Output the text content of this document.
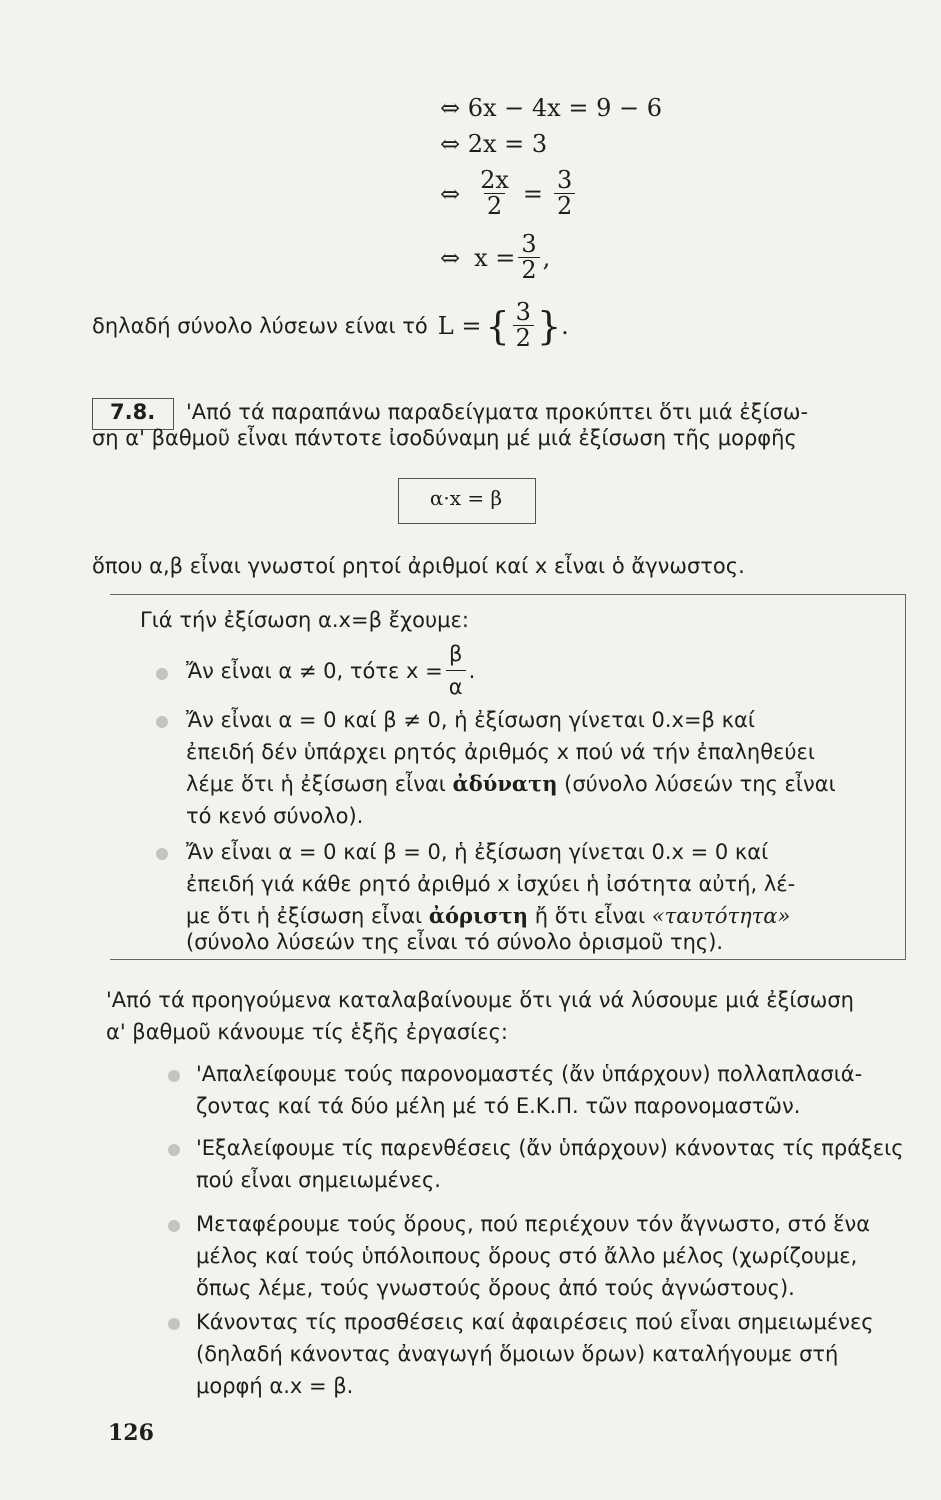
⇔ 6x − 4x = 9 − 6
⇔ 2x = 3
⇔ $\frac{2x}{2} = \frac{3}{2}$
⇔ $x = \frac{3}{2}$ ,
δηλαδή σύνολο λύσεων είναι τό L = { $\frac{3}{2}$ } .
7.8. 'Από τά παραπάνω παραδείγματα προκύπτει ὅτι μιά ἐξίσω-
ση α' βαθμοῦ εἶναι πάντοτε ἰσοδύναμη μέ μιά ἐξίσωση τῆς μορφῆς
α·x = β
ὅπου α,β εἶναι γνωστοί ρητοί ἀριθμοί καί x εἶναι ὁ ἄγνωστος.
Γιά τήν ἐξίσωση α.x=β ἔχουμε:
Ἄν εἶναι α ≠ 0, τότε $x = \frac{\beta}{\alpha}$ .
Ἄν εἶναι α = 0 καί β ≠ 0, ἡ ἐξίσωση γίνεται 0.x=β καί
ἐπειδή δέν ὑπάρχει ρητός ἀριθμός x πού νά τήν ἐπαληθεύει
λέμε ὅτι ἡ ἐξίσωση εἶναι ἀδύνατη (σύνολο λύσεών της εἶναι
τό κενό σύνολο).
Ἄν εἶναι α = 0 καί β = 0, ἡ ἐξίσωση γίνεται 0.x = 0 καί
ἐπειδή γιά κάθε ρητό ἀριθμό x ἰσχύει ἡ ἰσότητα αὐτή, λέ-
με ὅτι ἡ ἐξίσωση εἶναι ἀόριστη ἤ ὅτι εἶναι «ταυτότητα»
(σύνολο λύσεών της εἶναι τό σύνολο ὁρισμοῦ της).
'Από τά προηγούμενα καταλαβαίνουμε ὅτι γιά νά λύσουμε μιά ἐξίσωση
α' βαθμοῦ κάνουμε τίς ἑξῆς ἐργασίες:
'Απαλείφουμε τούς παρονομαστές (ἄν ὑπάρχουν) πολλαπλασιά-
ζοντας καί τά δύο μέλη μέ τό Ε.Κ.Π. τῶν παρονομαστῶν.
'Εξαλείφουμε τίς παρενθέσεις (ἄν ὑπάρχουν) κάνοντας τίς πράξεις
πού εἶναι σημειωμένες.
Μεταφέρουμε τούς ὅρους, πού περιέχουν τόν ἄγνωστο, στό ἕνα
μέλος καί τούς ὑπόλοιπους ὅρους στό ἄλλο μέλος (χωρίζουμε,
ὅπως λέμε, τούς γνωστούς ὅρους ἀπό τούς ἀγνώστους).
Κάνοντας τίς προσθέσεις καί ἀφαιρέσεις πού εἶναι σημειωμένες
(δηλαδή κάνοντας ἀναγωγή ὅμοιων ὅρων) καταλήγουμε στή
μορφή α.x = β.
126
